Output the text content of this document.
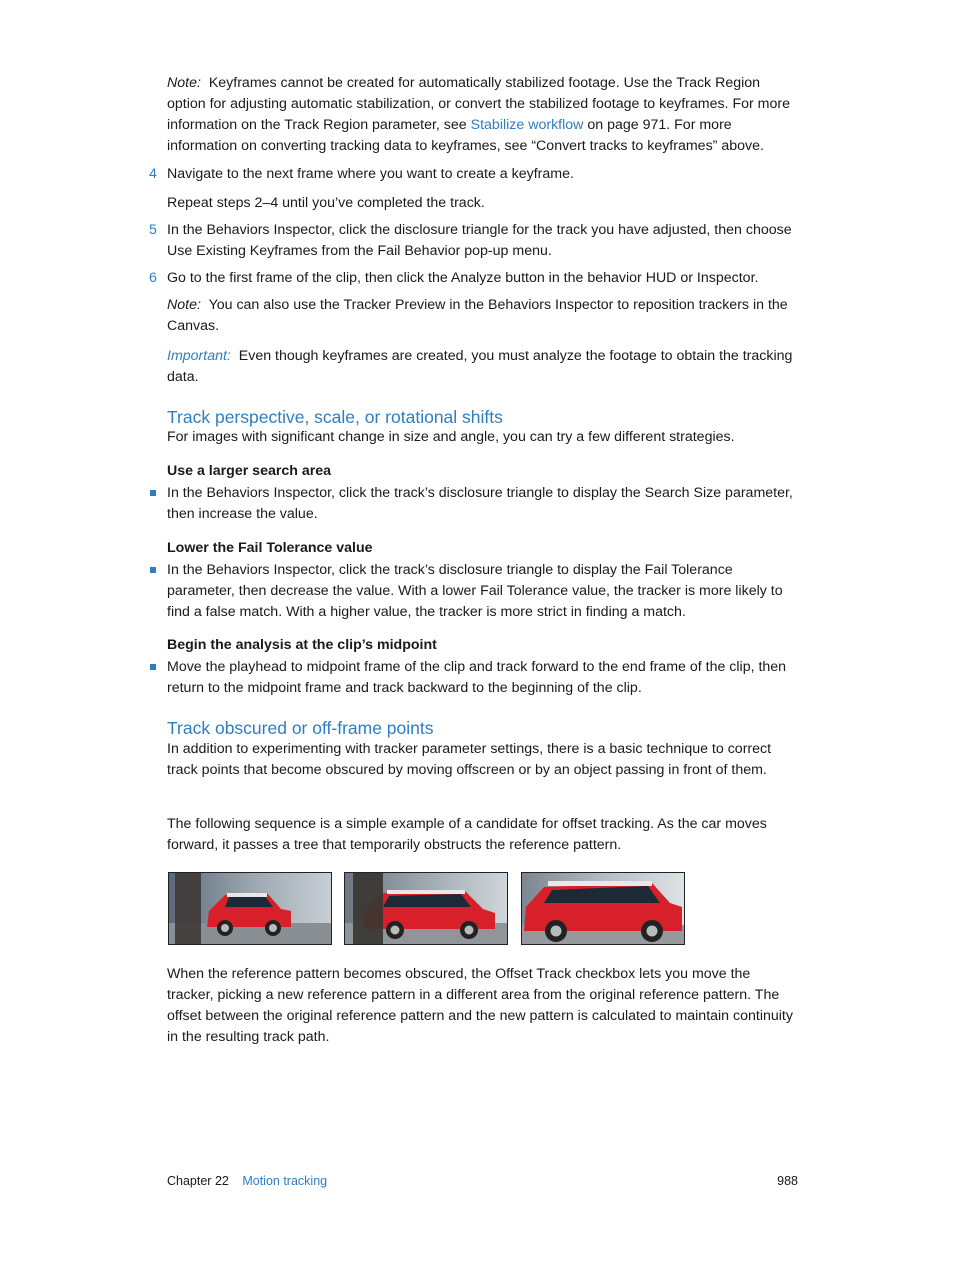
Note: Keyframes cannot be created for automatically stabilized footage. Use the Track Region option for adjusting automatic stabilization, or convert the stabilized footage to keyframes. For more information on the Track Region parameter, see Stabilize workflow on page 971. For more information on converting tracking data to keyframes, see “Convert tracks to keyframes” above.

4 Navigate to the next frame where you want to create a keyframe.

Repeat steps 2–4 until you’ve completed the track.

5 In the Behaviors Inspector, click the disclosure triangle for the track you have adjusted, then choose Use Existing Keyframes from the Fail Behavior pop-up menu.

6 Go to the first frame of the clip, then click the Analyze button in the behavior HUD or Inspector.

Note: You can also use the Tracker Preview in the Behaviors Inspector to reposition trackers in the Canvas.

Important: Even though keyframes are created, you must analyze the footage to obtain the tracking data.

Track perspective, scale, or rotational shifts

For images with significant change in size and angle, you can try a few different strategies.

Use a larger search area

In the Behaviors Inspector, click the track’s disclosure triangle to display the Search Size parameter, then increase the value.

Lower the Fail Tolerance value

In the Behaviors Inspector, click the track’s disclosure triangle to display the Fail Tolerance parameter, then decrease the value. With a lower Fail Tolerance value, the tracker is more likely to find a false match. With a higher value, the tracker is more strict in finding a match.

Begin the analysis at the clip’s midpoint

Move the playhead to midpoint frame of the clip and track forward to the end frame of the clip, then return to the midpoint frame and track backward to the beginning of the clip.

Track obscured or off-frame points

In addition to experimenting with tracker parameter settings, there is a basic technique to correct track points that become obscured by moving offscreen or by an object passing in front of them.

The following sequence is a simple example of a candidate for offset tracking. As the car moves forward, it passes a tree that temporarily obstructs the reference pattern.

When the reference pattern becomes obscured, the Offset Track checkbox lets you move the tracker, picking a new reference pattern in a different area from the original reference pattern. The offset between the original reference pattern and the new pattern is calculated to maintain continuity in the resulting track path.

Chapter 22 Motion tracking	988
